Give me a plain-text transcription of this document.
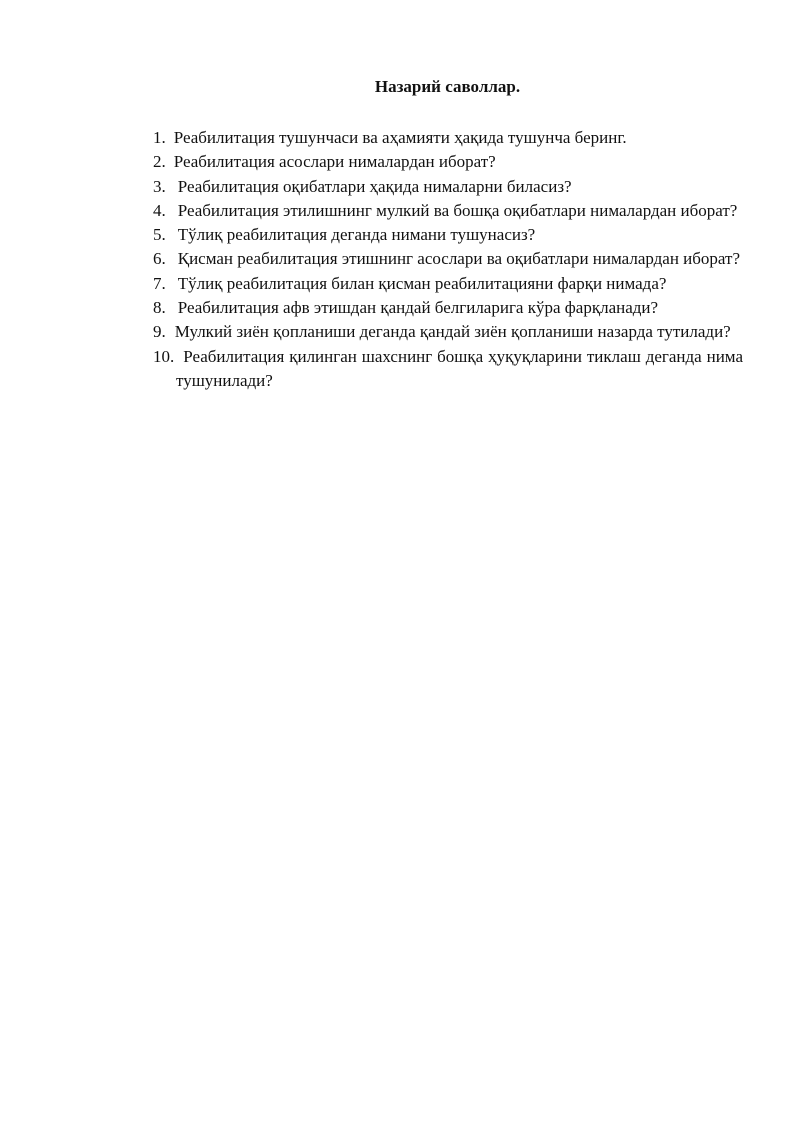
Назарий саволлар.
1. Реабилитация тушунчаси ва аҳамияти ҳақида тушунча беринг.
2. Реабилитация асослари нималардан иборат?
3. Реабилитация оқибатлари ҳақида нималарни биласиз?
4. Реабилитация этилишнинг мулкий ва бошқа оқибатлари нималардан иборат?
5. Тўлиқ реабилитация деганда нимани тушунасиз?
6. Қисман реабилитация этишнинг асослари ва оқибатлари нималардан иборат?
7. Тўлиқ реабилитация билан қисман реабилитацияни фарқи нимада?
8. Реабилитация афв этишдан қандай белгиларига кўра фарқланади?
9. Мулкий зиён қопланиши деганда қандай зиён қопланиши назарда тутилади?
10. Реабилитация қилинган шахснинг бошқа ҳуқуқларини тиклаш деганда нима тушунилади?
